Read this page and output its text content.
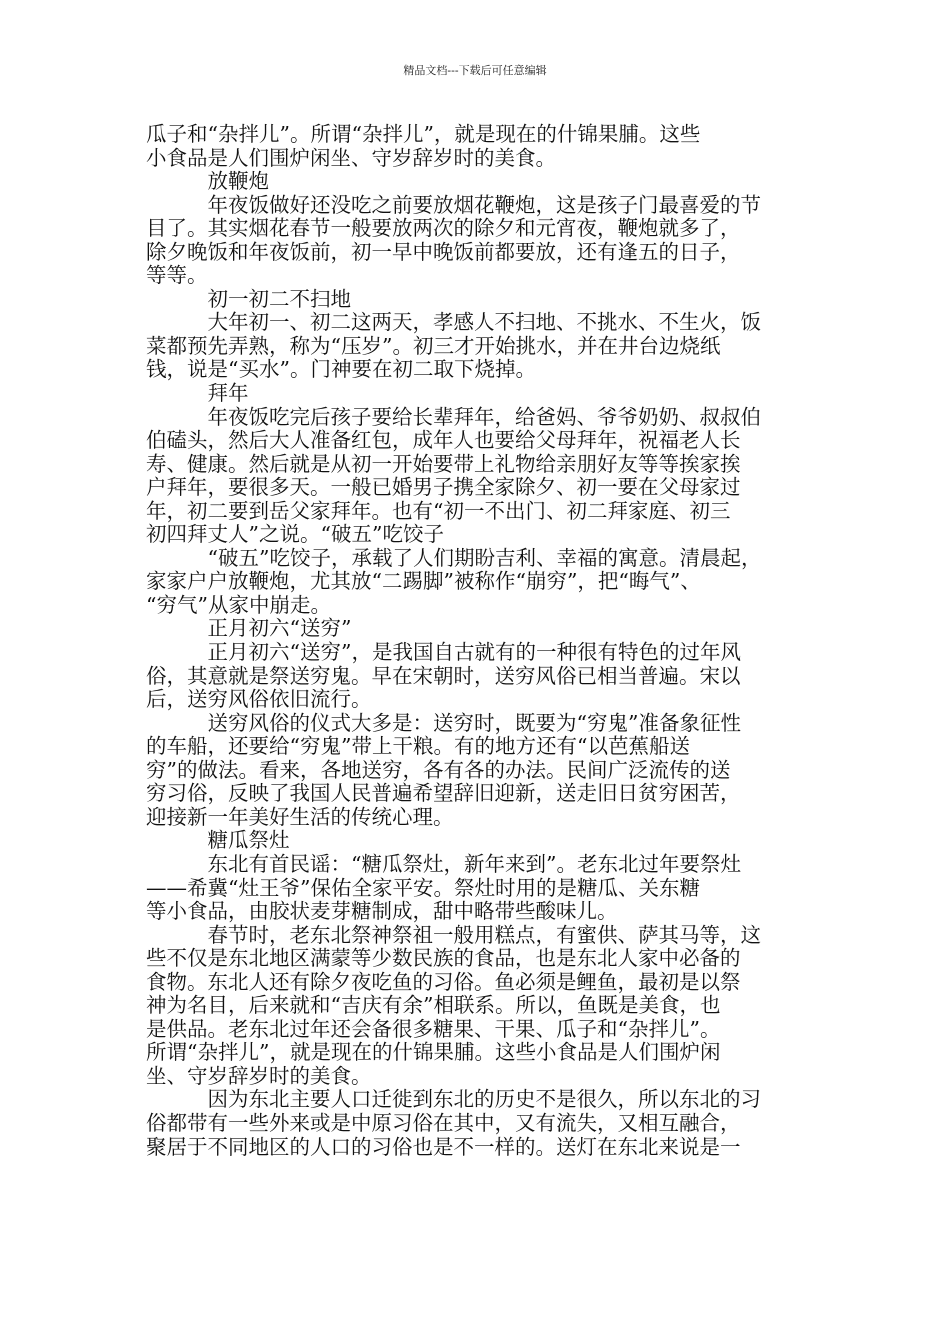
精品文档---下载后可任意编辑
瓜子和“杂拌儿”。所谓“杂拌儿”，就是现在的什锦果脯。这些
小食品是人们围炉闲坐、守岁辞岁时的美食。
　　　放鞭炮
　　　年夜饭做好还没吃之前要放烟花鞭炮，这是孩子门最喜爱的节
目了。其实烟花春节一般要放两次的除夕和元宵夜，鞭炮就多了，
除夕晚饭和年夜饭前，初一早中晚饭前都要放，还有逢五的日子，
等等。
　　　初一初二不扫地
　　　大年初一、初二这两天，孝感人不扫地、不挑水、不生火，饭
菜都预先弄熟，称为“压岁”。初三才开始挑水，并在井台边烧纸
钱，说是“买水”。门神要在初二取下烧掉。
　　　拜年
　　　年夜饭吃完后孩子要给长辈拜年，给爸妈、爷爷奶奶、叔叔伯
伯磕头，然后大人准备红包，成年人也要给父母拜年，祝福老人长
寿、健康。然后就是从初一开始要带上礼物给亲朋好友等等挨家挨
户拜年，要很多天。一般已婚男子携全家除夕、初一要在父母家过
年，初二要到岳父家拜年。也有“初一不出门、初二拜家庭、初三
初四拜丈人”之说。“破五”吃饺子
　　　“破五”吃饺子，承载了人们期盼吉利、幸福的寓意。清晨起，
家家户户放鞭炮，尤其放“二踢脚”被称作“崩穷”，把“晦气”、
“穷气”从家中崩走。
　　　正月初六“送穷”
　　　正月初六“送穷”，是我国自古就有的一种很有特色的过年风
俗，其意就是祭送穷鬼。早在宋朝时，送穷风俗已相当普遍。宋以
后，送穷风俗依旧流行。
　　　送穷风俗的仪式大多是：送穷时，既要为“穷鬼”准备象征性
的车船，还要给“穷鬼”带上干粮。有的地方还有“以芭蕉船送
穷”的做法。看来，各地送穷，各有各的办法。民间广泛流传的送
穷习俗，反映了我国人民普遍希望辞旧迎新，送走旧日贫穷困苦，
迎接新一年美好生活的传统心理。
　　　糖瓜祭灶
　　　东北有首民谣：“糖瓜祭灶，新年来到”。老东北过年要祭灶
——希冀“灶王爷”保佑全家平安。祭灶时用的是糖瓜、关东糖
等小食品，由胶状麦芽糖制成，甜中略带些酸味儿。
　　　春节时，老东北祭神祭祖一般用糕点，有蜜供、萨其马等，这
些不仅是东北地区满蒙等少数民族的食品，也是东北人家中必备的
食物。东北人还有除夕夜吃鱼的习俗。鱼必须是鲤鱼，最初是以祭
神为名目，后来就和“吉庆有余”相联系。所以，鱼既是美食，也
是供品。老东北过年还会备很多糖果、干果、瓜子和“杂拌儿”。
所谓“杂拌儿”，就是现在的什锦果脯。这些小食品是人们围炉闲
坐、守岁辞岁时的美食。
　　　因为东北主要人口迁徙到东北的历史不是很久，所以东北的习
俗都带有一些外来或是中原习俗在其中，又有流失，又相互融合，
聚居于不同地区的人口的习俗也是不一样的。送灯在东北来说是一
